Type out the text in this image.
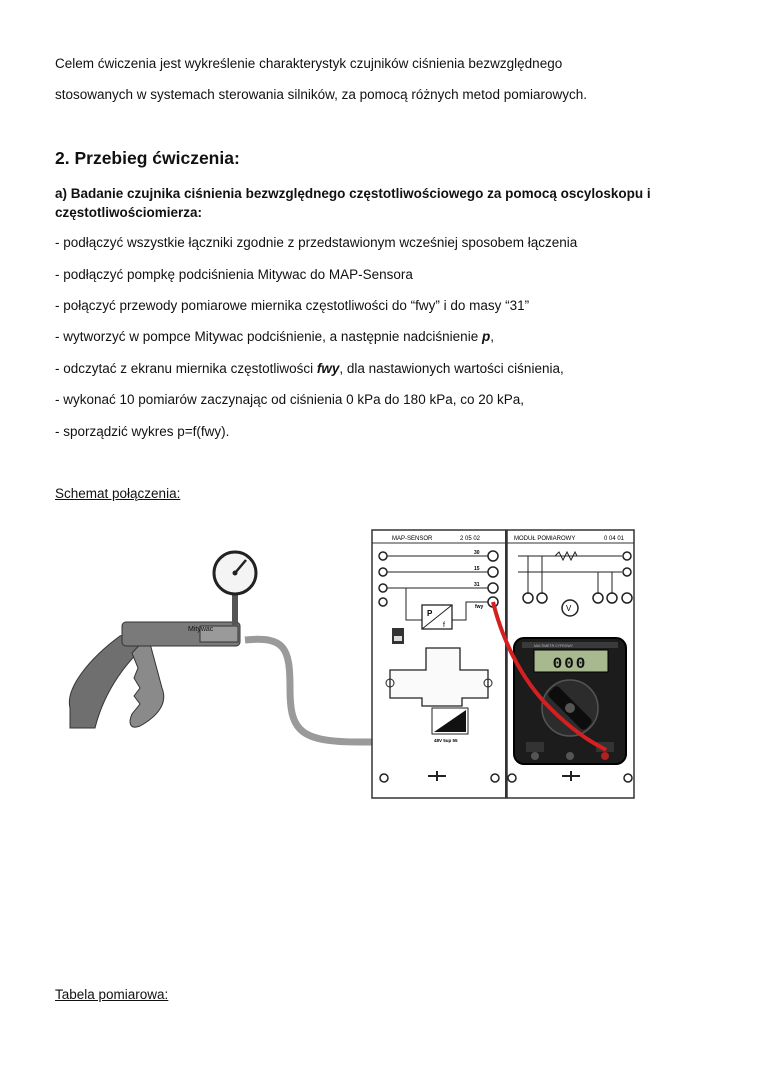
Celem ćwiczenia jest wykreślenie charakterystyk czujników ciśnienia bezwzględnego
stosowanych w systemach sterowania silników, za pomocą różnych metod pomiarowych.
2. Przebieg ćwiczenia:
a) Badanie czujnika ciśnienia bezwzględnego częstotliwościowego za pomocą oscyloskopu i częstotliwościomierza:
- podłączyć wszystkie łączniki zgodnie z przedstawionym wcześniej sposobem łączenia
- podłączyć pompkę podciśnienia Mitywac do MAP-Sensora
- połączyć przewody pomiarowe miernika częstotliwości do “fwy” i do masy “31”
- wytworzyć w pompce Mitywac podciśnienie, a następnie nadciśnienie p,
- odczytać z ekranu miernika częstotliwości fwy, dla nastawionych wartości ciśnienia,
- wykonać 10 pomiarów zaczynając od ciśnienia 0 kPa do 180 kPa, co 20 kPa,
- sporządzić wykres p=f(fwy).
Schemat połączenia:
Mitywac
MAP-SENSOR	2 05 02
30
15
31
fwy
P
f
48V 5up 55
MODUŁ POMIAROWY	0 04 01
V
MULTIMETR CYFROWY
000
Tabela pomiarowa:
